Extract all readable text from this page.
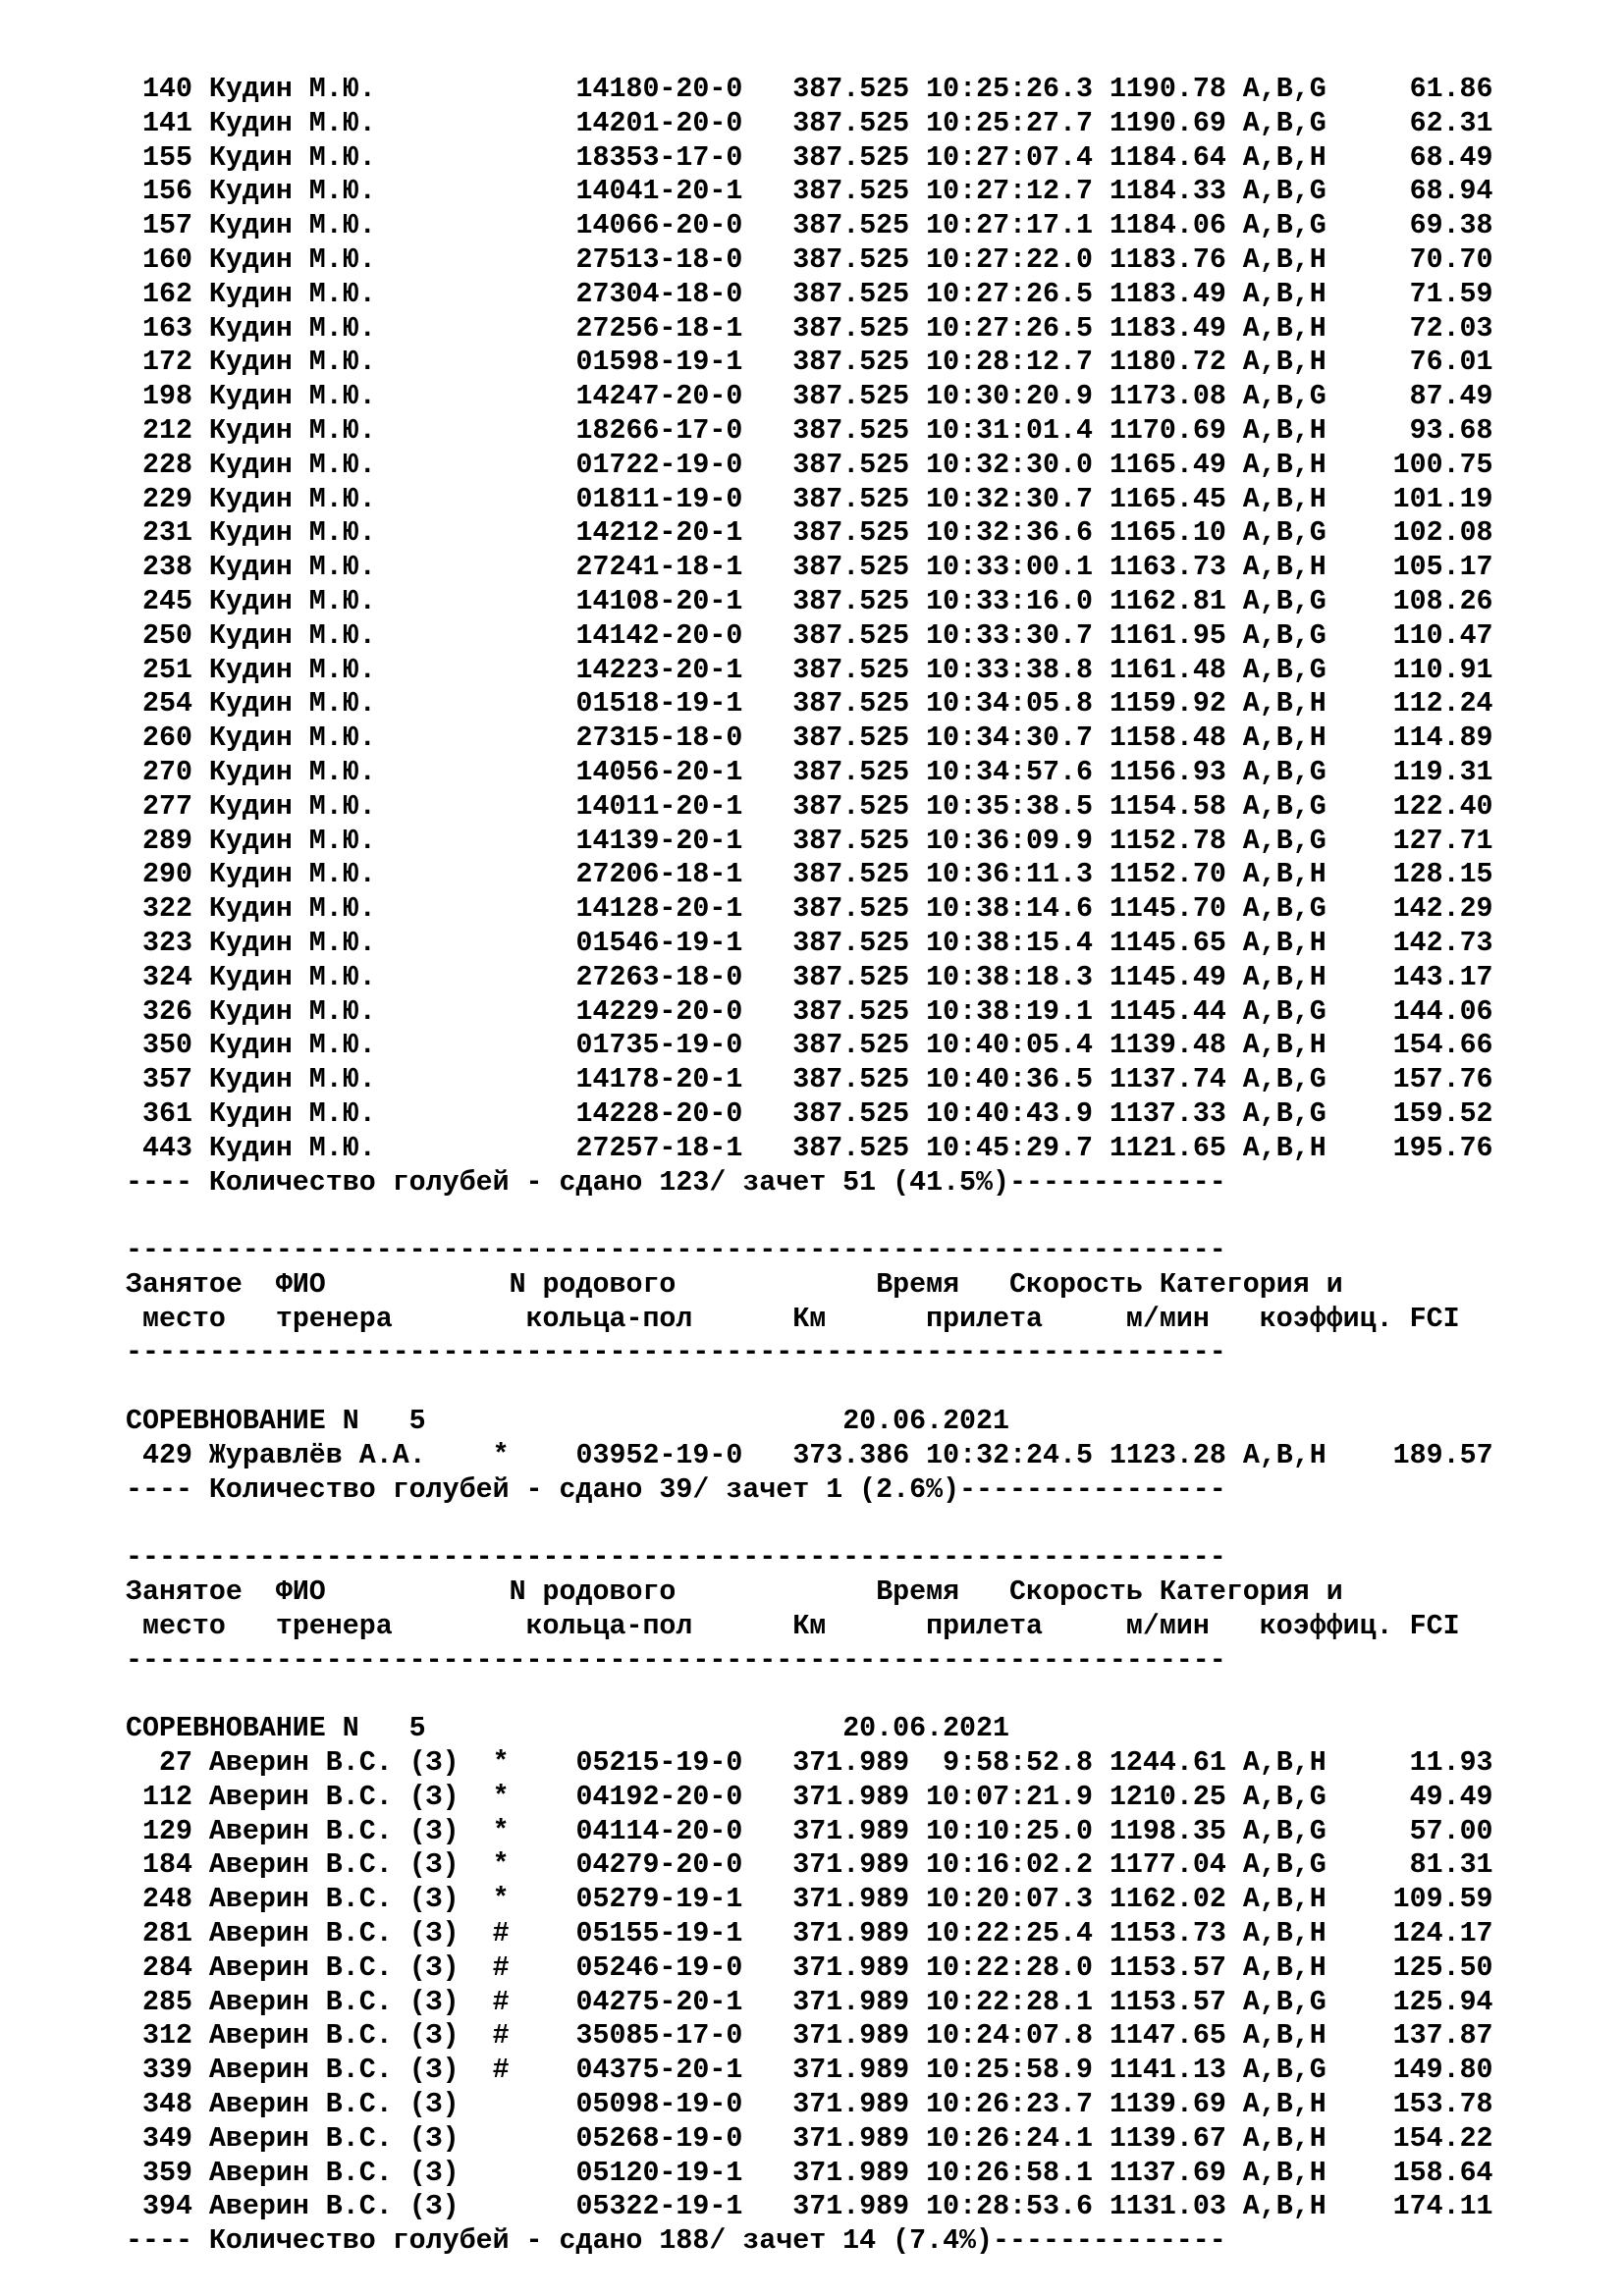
140 Кудин М.Ю.	14180-20-0 387.525 10:25:26.3 1190.78 A,B,G	61.86
141 Кудин М.Ю.	14201-20-0 387.525 10:25:27.7 1190.69 A,B,G	62.31
155 Кудин М.Ю.	18353-17-0 387.525 10:27:07.4 1184.64 A,B,H	68.49
156 Кудин М.Ю.	14041-20-1 387.525 10:27:12.7 1184.33 A,B,G	68.94
157 Кудин М.Ю.	14066-20-0 387.525 10:27:17.1 1184.06 A,B,G	69.38
160 Кудин М.Ю.	27513-18-0 387.525 10:27:22.0 1183.76 A,B,H	70.70
162 Кудин М.Ю.	27304-18-0 387.525 10:27:26.5 1183.49 A,B,H	71.59
163 Кудин М.Ю.	27256-18-1 387.525 10:27:26.5 1183.49 A,B,H	72.03
172 Кудин М.Ю.	01598-19-1 387.525 10:28:12.7 1180.72 A,B,H	76.01
198 Кудин М.Ю.	14247-20-0 387.525 10:30:20.9 1173.08 A,B,G	87.49
212 Кудин М.Ю.	18266-17-0 387.525 10:31:01.4 1170.69 A,B,H	93.68
228 Кудин М.Ю.	01722-19-0 387.525 10:32:30.0 1165.49 A,B,H 100.75
229 Кудин М.Ю.	01811-19-0 387.525 10:32:30.7 1165.45 A,B,H 101.19
231 Кудин М.Ю.	14212-20-1 387.525 10:32:36.6 1165.10 A,B,G 102.08
238 Кудин М.Ю.	27241-18-1 387.525 10:33:00.1 1163.73 A,B,H 105.17
245 Кудин М.Ю.	14108-20-1 387.525 10:33:16.0 1162.81 A,B,G 108.26
250 Кудин М.Ю.	14142-20-0 387.525 10:33:30.7 1161.95 A,B,G 110.47
251 Кудин М.Ю.	14223-20-1 387.525 10:33:38.8 1161.48 A,B,G 110.91
254 Кудин М.Ю.	01518-19-1 387.525 10:34:05.8 1159.92 A,B,H 112.24
260 Кудин М.Ю.	27315-18-0 387.525 10:34:30.7 1158.48 A,B,H 114.89
270 Кудин М.Ю.	14056-20-1 387.525 10:34:57.6 1156.93 A,B,G 119.31
277 Кудин М.Ю.	14011-20-1 387.525 10:35:38.5 1154.58 A,B,G 122.40
289 Кудин М.Ю.	14139-20-1 387.525 10:36:09.9 1152.78 A,B,G 127.71
290 Кудин М.Ю.	27206-18-1 387.525 10:36:11.3 1152.70 A,B,H 128.15
322 Кудин М.Ю.	14128-20-1 387.525 10:38:14.6 1145.70 A,B,G 142.29
323 Кудин М.Ю.	01546-19-1 387.525 10:38:15.4 1145.65 A,B,H 142.73
324 Кудин М.Ю.	27263-18-0 387.525 10:38:18.3 1145.49 A,B,H 143.17
326 Кудин М.Ю.	14229-20-0 387.525 10:38:19.1 1145.44 A,B,G 144.06
350 Кудин М.Ю.	01735-19-0 387.525 10:40:05.4 1139.48 A,B,H 154.66
357 Кудин М.Ю.	14178-20-1 387.525 10:40:36.5 1137.74 A,B,G 157.76
361 Кудин М.Ю.	14228-20-0 387.525 10:40:43.9 1137.33 A,B,G 159.52
443 Кудин М.Ю.	27257-18-1 387.525 10:45:29.7 1121.65 A,B,H 195.76
---- Количество голубей - сдано 123/ зачет 51 (41.5%)-------------
------------------------------------------------------------------
Занятое ФИО	N родового	Время Скорость Категория и
место тренера	кольца-пол	Км	прилета	м/мин коэффиц. FCI
------------------------------------------------------------------
СОРЕВНОВАНИЕ N   5	20.06.2021
429 Журавлёв А.А. * 03952-19-0 373.386 10:32:24.5 1123.28 A,B,H 189.57
---- Количество голубей - сдано 39/ зачет 1 (2.6%)----------------
------------------------------------------------------------------
Занятое ФИО	N родового	Время Скорость Категория и
место тренера	кольца-пол	Км	прилета	м/мин коэффиц. FCI
------------------------------------------------------------------
СОРЕВНОВАНИЕ N   5	20.06.2021
27 Аверин В.С. (З) * 05215-19-0 371.989 9:58:52.8 1244.61 A,B,H	11.93
112 Аверин В.С. (З) * 04192-20-0 371.989 10:07:21.9 1210.25 A,B,G	49.49
129 Аверин В.С. (З) * 04114-20-0 371.989 10:10:25.0 1198.35 A,B,G	57.00
184 Аверин В.С. (З) * 04279-20-0 371.989 10:16:02.2 1177.04 A,B,G	81.31
248 Аверин В.С. (З) * 05279-19-1 371.989 10:20:07.3 1162.02 A,B,H 109.59
281 Аверин В.С. (З) # 05155-19-1 371.989 10:22:25.4 1153.73 A,B,H 124.17
284 Аверин В.С. (З) # 05246-19-0 371.989 10:22:28.0 1153.57 A,B,H 125.50
285 Аверин В.С. (З) # 04275-20-1 371.989 10:22:28.1 1153.57 A,B,G 125.94
312 Аверин В.С. (З) # 35085-17-0 371.989 10:24:07.8 1147.65 A,B,H 137.87
339 Аверин В.С. (З) # 04375-20-1 371.989 10:25:58.9 1141.13 A,B,G 149.80
348 Аверин В.С. (З)	05098-19-0 371.989 10:26:23.7 1139.69 A,B,H 153.78
349 Аверин В.С. (З)	05268-19-0 371.989 10:26:24.1 1139.67 A,B,H 154.22
359 Аверин В.С. (З)	05120-19-1 371.989 10:26:58.1 1137.69 A,B,H 158.64
394 Аверин В.С. (З)	05322-19-1 371.989 10:28:53.6 1131.03 A,B,H 174.11
---- Количество голубей - сдано 188/ зачет 14 (7.4%)--------------
